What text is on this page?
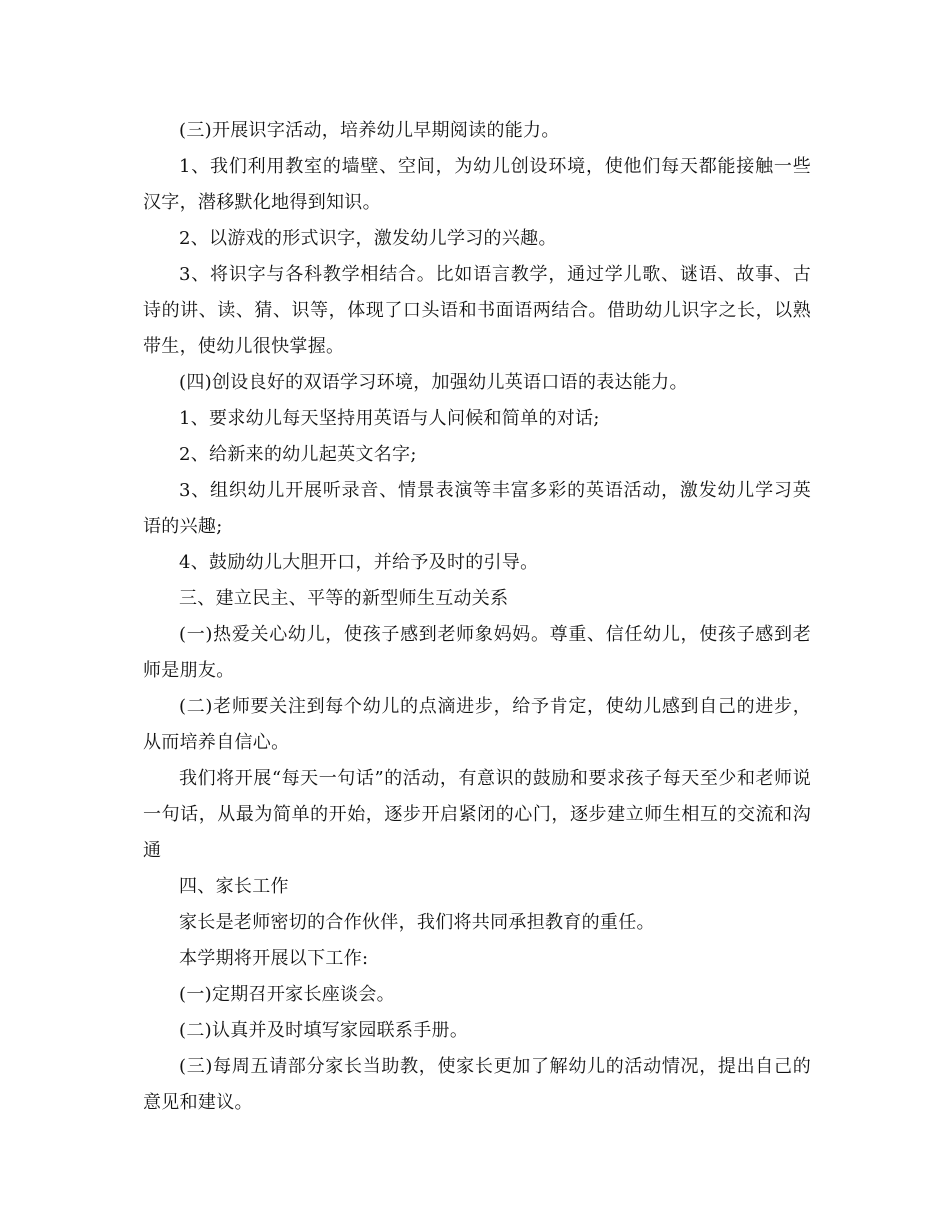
(三)开展识字活动，培养幼儿早期阅读的能力。

1、我们利用教室的墙壁、空间，为幼儿创设环境，使他们每天都能接触一些汉字，潜移默化地得到知识。

2、以游戏的形式识字，激发幼儿学习的兴趣。

3、将识字与各科教学相结合。比如语言教学，通过学儿歌、谜语、故事、古诗的讲、读、猜、识等，体现了口头语和书面语两结合。借助幼儿识字之长，以熟带生，使幼儿很快掌握。

(四)创设良好的双语学习环境，加强幼儿英语口语的表达能力。

1、要求幼儿每天坚持用英语与人问候和简单的对话;

2、给新来的幼儿起英文名字;

3、组织幼儿开展听录音、情景表演等丰富多彩的英语活动，激发幼儿学习英语的兴趣;

4、鼓励幼儿大胆开口，并给予及时的引导。

三、建立民主、平等的新型师生互动关系

(一)热爱关心幼儿，使孩子感到老师象妈妈。尊重、信任幼儿，使孩子感到老师是朋友。

(二)老师要关注到每个幼儿的点滴进步，给予肯定，使幼儿感到自己的进步，从而培养自信心。

我们将开展“每天一句话”的活动，有意识的鼓励和要求孩子每天至少和老师说一句话，从最为简单的开始，逐步开启紧闭的心门，逐步建立师生相互的交流和沟通

四、家长工作

家长是老师密切的合作伙伴，我们将共同承担教育的重任。

本学期将开展以下工作:

(一)定期召开家长座谈会。

(二)认真并及时填写家园联系手册。

(三)每周五请部分家长当助教，使家长更加了解幼儿的活动情况，提出自己的意见和建议。
